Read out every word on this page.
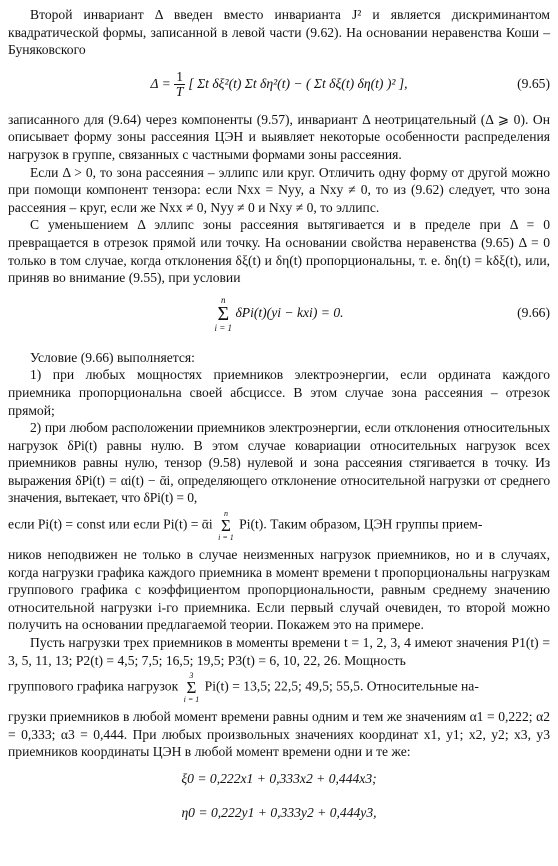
Второй инвариант Δ введен вместо инварианта J² и является дискриминантом квадратической формы, записанной в левой части (9.62). На основании неравенства Коши – Буняковского

$\Delta = \frac{1}{T}$ [ Σt δξ²(t) Σt δη²(t) − ( Σt δξ(t) δη(t) )² ],	(9.65)

записанного для (9.64) через компоненты (9.57), инвариант Δ неотрицательный (Δ ⩾ 0). Он описывает форму зоны рассеяния ЦЭН и выявляет некоторые особенности распределения нагрузок в группе, связанных с частными формами зоны рассеяния.

Если Δ > 0, то зона рассеяния – эллипс или круг. Отличить одну форму от другой можно при помощи компонент тензора: если Nxx = Nyy, а Nxy ≠ 0, то из (9.62) следует, что зона рассеяния – круг, если же Nxx ≠ 0, Nyy ≠ 0 и Nxy ≠ 0, то эллипс.

С уменьшением Δ эллипс зоны рассеяния вытягивается и в пределе при Δ = 0 превращается в отрезок прямой или точку. На основании свойства неравенства (9.65) Δ = 0 только в том случае, когда отклонения δξ(t) и δη(t) пропорциональны, т. е. δη(t) = kδξ(t), или, приняв во внимание (9.55), при условии

n
Σ
i = 1
δPi(t)(yi − kxi) = 0.	(9.66)

Условие (9.66) выполняется:

1) при любых мощностях приемников электроэнергии, если ордината каждого приемника пропорциональна своей абсциссе. В этом случае зона рассеяния – отрезок прямой;

2) при любом расположении приемников электроэнергии, если отклонения относительных нагрузок δPi(t) равны нулю. В этом случае ковариации относительных нагрузок всех приемников равны нулю, тензор (9.58) нулевой и зона рассеяния стягивается в точку. Из выражения δPi(t) = αi(t) − ᾱi, определяющего отклонение относительной нагрузки от среднего значения, вытекает, что δPi(t) = 0,

если Pi(t) = const или если Pi(t) = ᾱi
n
Σ
i = 1
Pi(t). Таким образом, ЦЭН группы прием-

ников неподвижен не только в случае неизменных нагрузок приемников, но и в случаях, когда нагрузки графика каждого приемника в момент времени t пропорциональны нагрузкам группового графика с коэффициентом пропорциональности, равным среднему значению относительной нагрузки i-го приемника. Если первый случай очевиден, то второй можно получить на основании предлагаемой теории. Покажем это на примере.

Пусть нагрузки трех приемников в моменты времени t = 1, 2, 3, 4 имеют значения P1(t) = 3, 5, 11, 13; P2(t) = 4,5; 7,5; 16,5; 19,5; P3(t) = 6, 10, 22, 26. Мощность

группового графика нагрузок
3
Σ
i = 1
Pi(t) = 13,5; 22,5; 49,5; 55,5. Относительные на-

грузки приемников в любой момент времени равны одним и тем же значениям α1 = 0,222; α2 = 0,333; α3 = 0,444. При любых произвольных значениях координат x1, y1; x2, y2; x3, y3 приемников координаты ЦЭН в любой момент времени одни и те же:

ξ0 = 0,222x1 + 0,333x2 + 0,444x3;
η0 = 0,222y1 + 0,333y2 + 0,444y3,
